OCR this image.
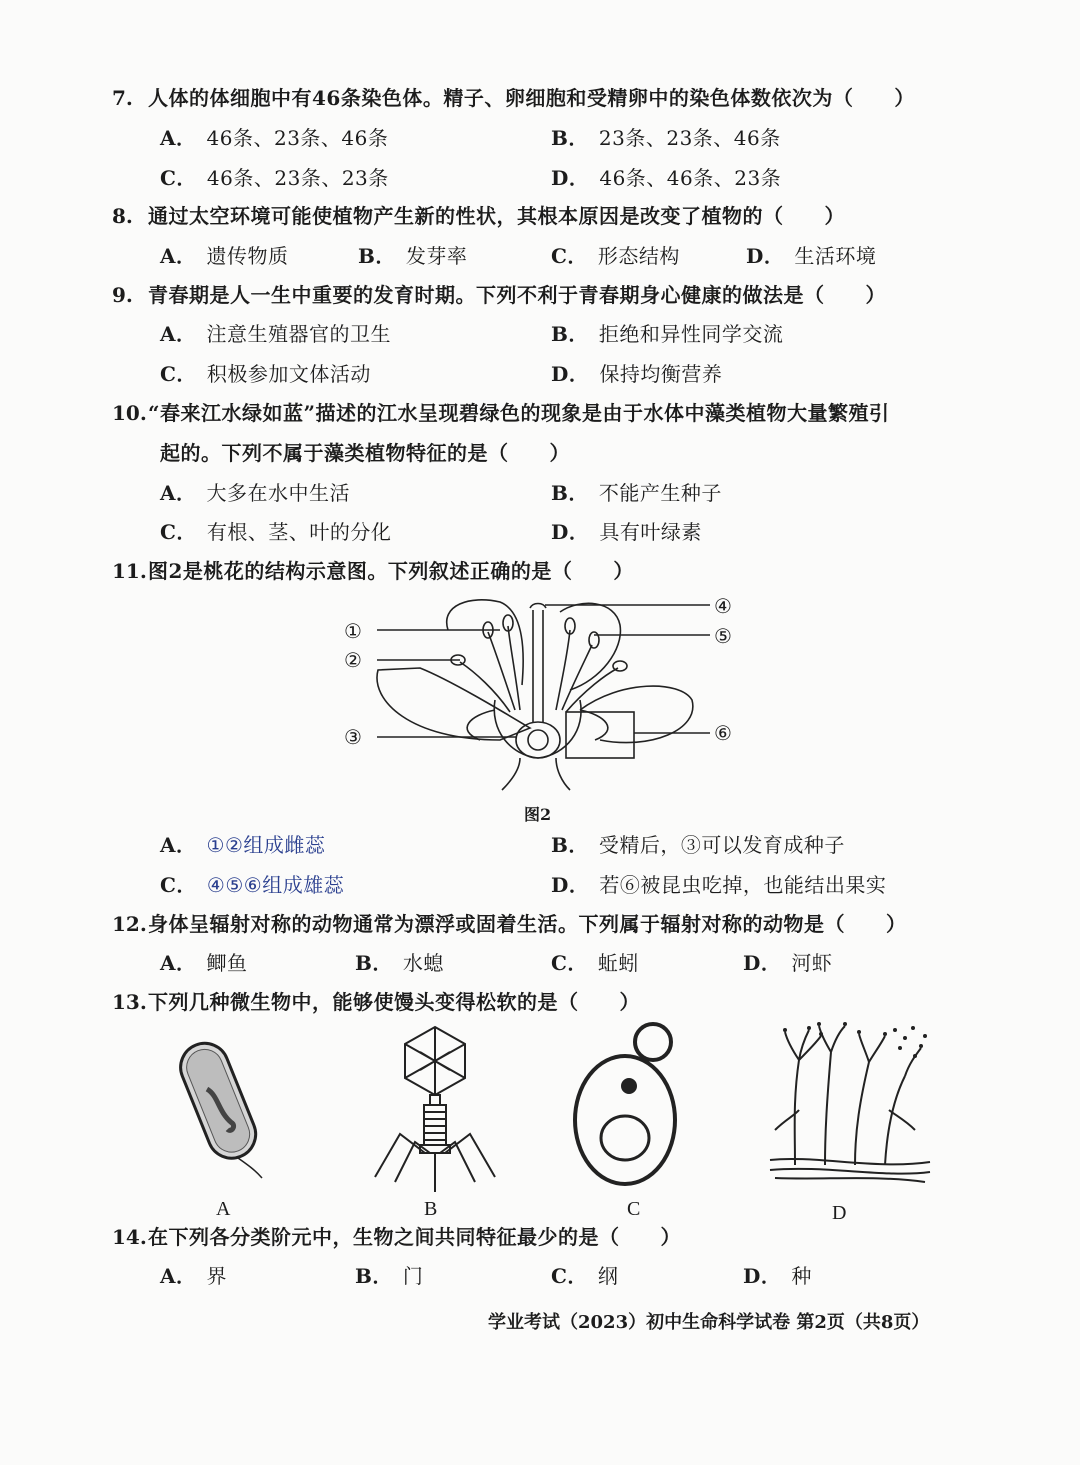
7. 人体的体细胞中有46条染色体。精子、卵细胞和受精卵中的染色体数依次为（　　）
A． 46条、23条、46条	B． 23条、23条、46条
C． 46条、23条、23条	D． 46条、46条、23条
8. 通过太空环境可能使植物产生新的性状，其根本原因是改变了植物的（　　）
A． 遗传物质	B． 发芽率	C． 形态结构	D． 生活环境
9. 青春期是人一生中重要的发育时期。下列不利于青春期身心健康的做法是（　　）
A． 注意生殖器官的卫生	B． 拒绝和异性同学交流
C． 积极参加文体活动	D． 保持均衡营养
10.“春来江水绿如蓝”描述的江水呈现碧绿色的现象是由于水体中藻类植物大量繁殖引
起的。下列不属于藻类植物特征的是（　　）
A． 大多在水中生活	B． 不能产生种子
C． 有根、茎、叶的分化	D． 具有叶绿素
11.图2是桃花的结构示意图。下列叙述正确的是（　　）
①
②
③
④
⑤
⑥
图2
A． ①②组成雌蕊	B． 受精后，③可以发育成种子
C． ④⑤⑥组成雄蕊	D． 若⑥被昆虫吃掉，也能结出果实
12.身体呈辐射对称的动物通常为漂浮或固着生活。下列属于辐射对称的动物是（　　）
A． 鲫鱼	B． 水螅	C． 蚯蚓	D． 河虾
13.下列几种微生物中，能够使馒头变得松软的是（　　）
A	B	C	D
14.在下列各分类阶元中，生物之间共同特征最少的是（　　）
A． 界	B． 门	C． 纲	D． 种
学业考试（2023）初中生命科学试卷 第2页（共8页）
